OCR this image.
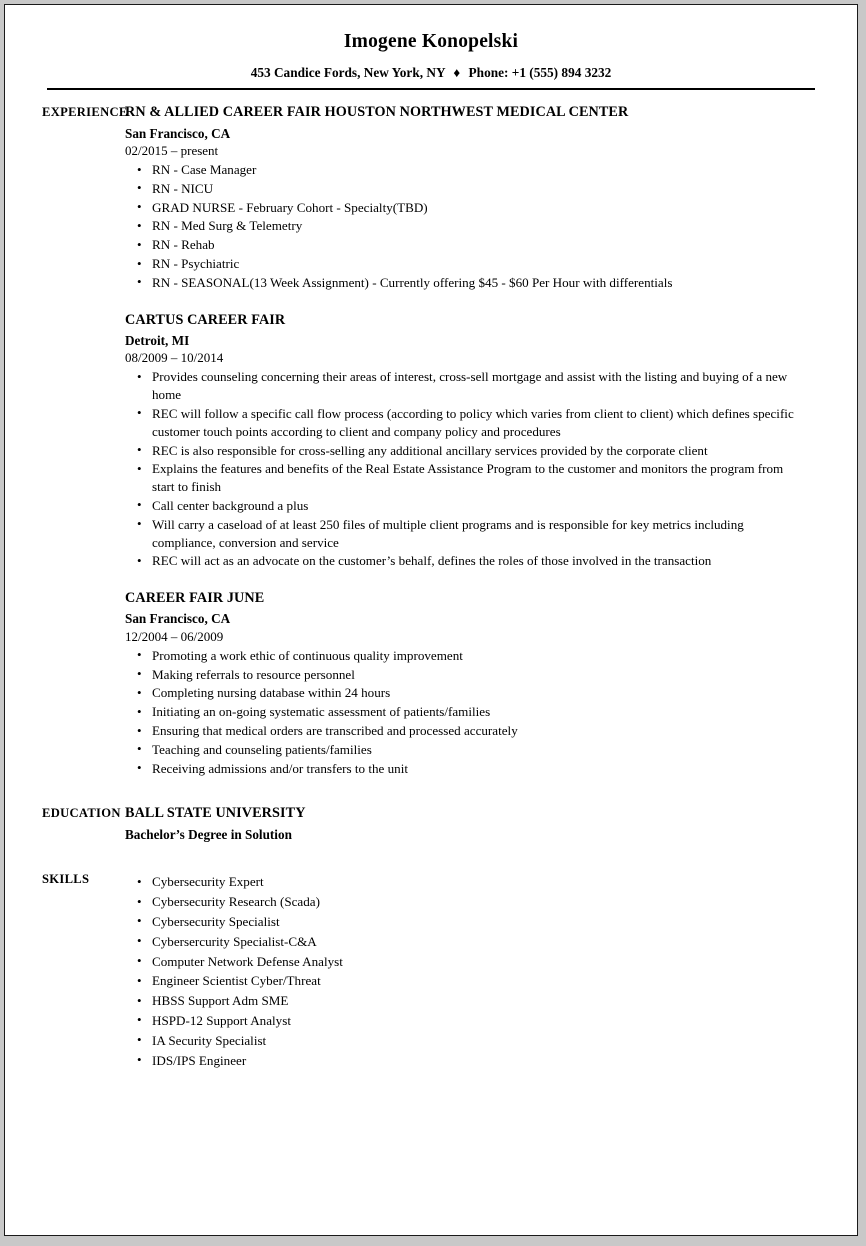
Imogene Konopelski
453 Candice Fords, New York, NY ♦ Phone: +1 (555) 894 3232
EXPERIENCE
RN & ALLIED CAREER FAIR HOUSTON NORTHWEST MEDICAL CENTER
San Francisco, CA
02/2015 – present
• RN - Case Manager
• RN - NICU
• GRAD NURSE - February Cohort - Specialty(TBD)
• RN - Med Surg & Telemetry
• RN - Rehab
• RN - Psychiatric
• RN - SEASONAL(13 Week Assignment) - Currently offering $45 - $60 Per Hour with differentials
CARTUS CAREER FAIR
Detroit, MI
08/2009 – 10/2014
• Provides counseling concerning their areas of interest, cross-sell mortgage and assist with the listing and buying of a new home
• REC will follow a specific call flow process (according to policy which varies from client to client) which defines specific customer touch points according to client and company policy and procedures
• REC is also responsible for cross-selling any additional ancillary services provided by the corporate client
• Explains the features and benefits of the Real Estate Assistance Program to the customer and monitors the program from start to finish
• Call center background a plus
• Will carry a caseload of at least 250 files of multiple client programs and is responsible for key metrics including compliance, conversion and service
• REC will act as an advocate on the customer’s behalf, defines the roles of those involved in the transaction
CAREER FAIR JUNE
San Francisco, CA
12/2004 – 06/2009
• Promoting a work ethic of continuous quality improvement
• Making referrals to resource personnel
• Completing nursing database within 24 hours
• Initiating an on-going systematic assessment of patients/families
• Ensuring that medical orders are transcribed and processed accurately
• Teaching and counseling patients/families
• Receiving admissions and/or transfers to the unit
EDUCATION BALL STATE UNIVERSITY
Bachelor’s Degree in Solution
SKILLS	• Cybersecurity Expert
• Cybersecurity Research (Scada)
• Cybersecurity Specialist
• Cybersercurity Specialist-C&A
• Computer Network Defense Analyst
• Engineer Scientist Cyber/Threat
• HBSS Support Adm SME
• HSPD-12 Support Analyst
• IA Security Specialist
• IDS/IPS Engineer
